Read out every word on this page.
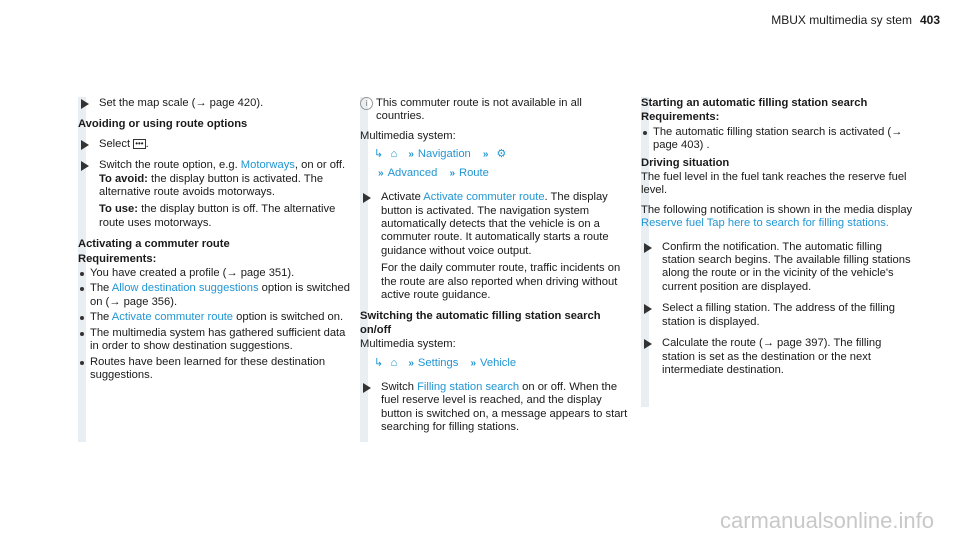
MBUX multimedia sy stem 403
Set the map scale (→ page 420).
Avoiding or using route options
Select ••• .
Switch the route option, e.g. Motorways, on or off.
To avoid: the display button is activated. The alternative route avoids motorways.
To use: the display button is off. The alternative route uses motorways.
Activating a commuter route
Requirements:
You have created a profile (→ page 351).
The Allow destination suggestions option is switched on (→ page 356).
The Activate commuter route option is switched on.
The multimedia system has gathered sufficient data in order to show destination suggestions.
Routes have been learned for these destination suggestions.
i This commuter route is not available in all countries.
Multimedia system:
↳ ⌂ » Navigation » ⚙
» Advanced » Route
Activate Activate commuter route. The display button is activated. The navigation system automatically detects that the vehicle is on a commuter route. It automatically starts a route guidance without voice output.
For the daily commuter route, traffic incidents on the route are also reported when driving without active route guidance.
Switching the automatic filling station search on/off
Multimedia system:
↳ ⌂ » Settings » Vehicle
Switch Filling station search on or off. When the fuel reserve level is reached, and the display button is switched on, a message appears to start searching for filling stations.
Starting an automatic filling station search
Requirements:
The automatic filling station search is activated (→ page 403) .
Driving situation
The fuel level in the fuel tank reaches the reserve fuel level.
The following notification is shown in the media display Reserve fuel Tap here to search for filling stations.
Confirm the notification. The automatic filling station search begins. The available filling stations along the route or in the vicinity of the vehicle's current position are displayed.
Select a filling station. The address of the filling station is displayed.
Calculate the route (→ page 397). The filling station is set as the destination or the next intermediate destination.
carmanualsonline.info
